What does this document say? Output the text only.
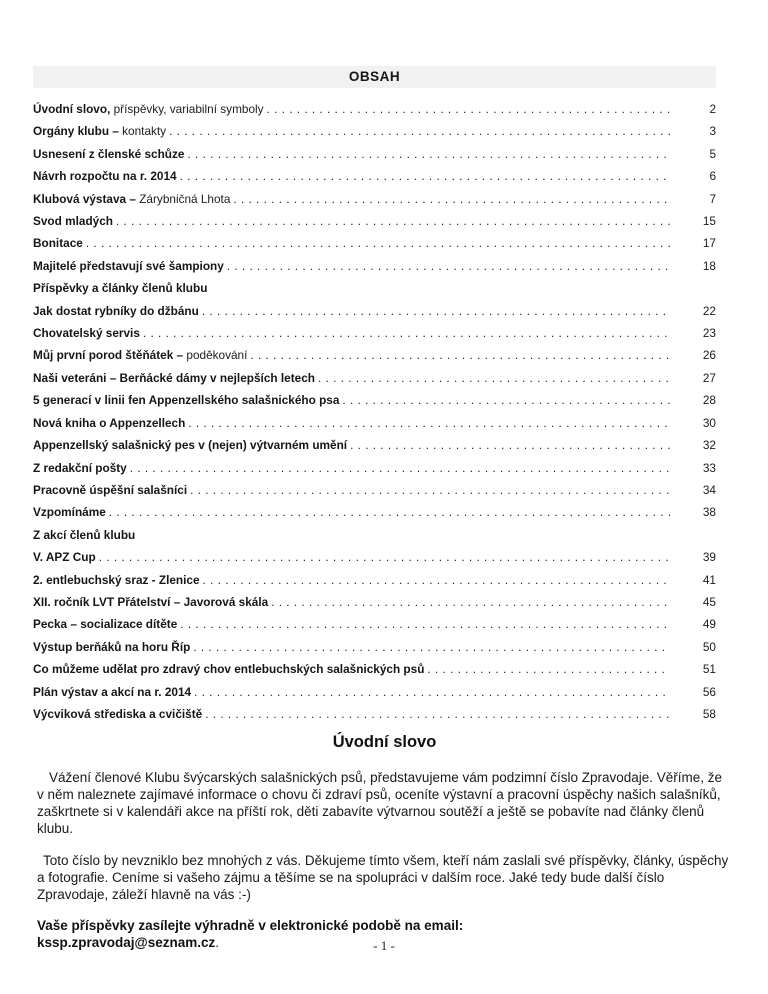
OBSAH
Úvodní slovo, příspěvky, variabilní symboly . . .	2
Orgány klubu – kontakty . . .	3
Usnesení z členské schůze . . .	5
Návrh rozpočtu na r. 2014 . . .	6
Klubová výstava – Zárybničná Lhota . . .	7
Svod mladých . . .	15
Bonitace . . .	17
Majitelé představují své šampiony . . .	18
Příspěvky a články členů klubu
Jak dostat rybníky do džbánu . . .	22
Chovatelský servis . . .	23
Můj první porod štěňátek – poděkování . . .	26
Naši veteráni – Berňácké dámy v nejlepších letech . . .	27
5 generací v linii fen Appenzellského salašnického psa . . .	28
Nová kniha o Appenzellech . . .	30
Appenzellský salašnický pes v (nejen) výtvarném umění . . .	32
Z redakční pošty . . .	33
Pracovně úspěšní salašníci . . .	34
Vzpomínáme . . .	38
Z akcí členů klubu
V. APZ Cup . . .	39
2. entlebuchský sraz - Zlenice . . .	41
XII. ročník LVT Přátelství – Javorová skála . . .	45
Pecka – socializace dítěte . . .	49
Výstup berňáků na horu Říp . . .	50
Co můžeme udělat pro zdravý chov entlebuchských salašnických psů . . .	51
Plán výstav a akcí na r. 2014 . . .	56
Výcviková střediska a cvičiště . . .	58
Úvodní slovo

Vážení členové Klubu švýcarských salašnických psů, představujeme vám podzimní číslo Zpravodaje. Věříme, že v něm naleznete zajímavé informace o chovu či zdraví psů, oceníte výstavní a pracovní úspěchy našich salašníků, zaškrtnete si v kalendáři akce na příští rok, děti zabavíte výtvarnou soutěží a ještě se pobavíte nad články členů klubu.

Toto číslo by nevzniklo bez mnohých z vás. Děkujeme tímto všem, kteří nám zaslali své příspěvky, články, úspěchy a fotografie. Ceníme si vašeho zájmu a těšíme se na spolupráci v dalším roce. Jaké tedy bude další číslo Zpravodaje, záleží hlavně na vás :-)

Vaše příspěvky zasílejte výhradně v elektronické podobě na email:
kssp.zpravodaj@seznam.cz.	- 1 -
